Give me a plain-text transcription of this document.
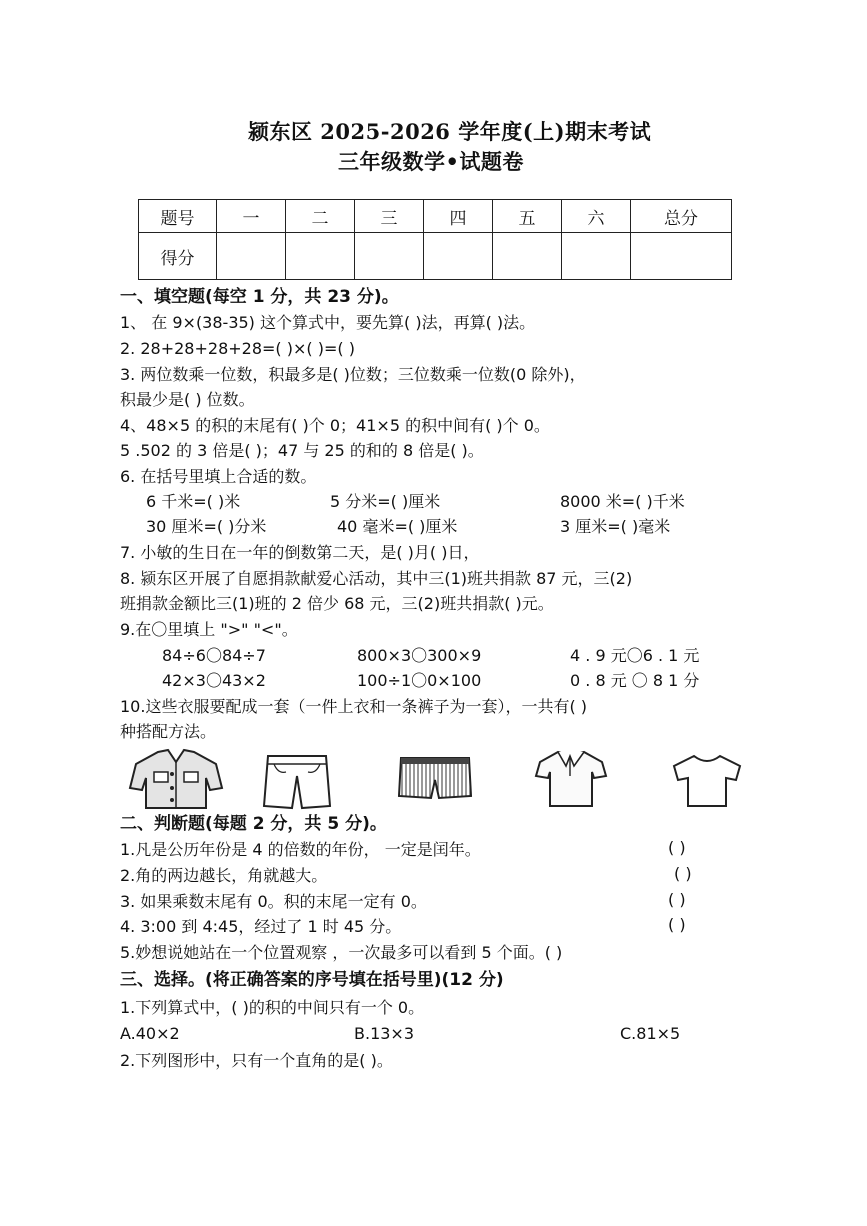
颍东区 2025-2026 学年度(上)期末考试
三年级数学•试题卷
题号	一	二	三	四	五	六	总分
得分							
一、填空题(每空 1 分，共 23 分)。
1、 在 9×(38-35) 这个算式中，要先算( )法，再算( )法。
2. 28+28+28+28=( )×( )=( )
3. 两位数乘一位数，积最多是( )位数；三位数乘一位数(0 除外)，
积最少是( ) 位数。
4、48×5 的积的末尾有( )个 0；41×5 的积中间有( )个 0。
5 .502 的 3 倍是( )；47 与 25 的和的 8 倍是( )。
6. 在括号里填上合适的数。
6 千米=( )米	5 分米=( )厘米	8000 米=( )千米
30 厘米=( )分米	40 毫米=( )厘米	3 厘米=( )毫米
7. 小敏的生日在一年的倒数第二天，是( )月( )日，
8. 颍东区开展了自愿捐款献爱心活动，其中三(1)班共捐款 87 元，三(2)
班捐款金额比三(1)班的 2 倍少 68 元，三(2)班共捐款( )元。
9.在〇里填上 ">" "<"。
84÷6〇84÷7	800×3〇300×9	4 . 9 元〇6 . 1 元
42×3〇43×2	100÷1〇0×100	0 . 8 元 〇 8 1 分
10.这些衣服要配成一套（一件上衣和一条裤子为一套），一共有( )
种搭配方法。
二、判断题(每题 2 分，共 5 分)。
1.凡是公历年份是 4 的倍数的年份， 一定是闰年。	( )
2.角的两边越长，角就越大。	( )
3. 如果乘数末尾有 0。积的末尾一定有 0。	( )
4. 3:00 到 4:45，经过了 1 时 45 分。	( )
5.妙想说她站在一个位置观察 ，一次最多可以看到 5 个面。( )
三、选择。(将正确答案的序号填在括号里)(12 分)
1.下列算式中，( )的积的中间只有一个 0。
A.40×2	B.13×3	C.81×5
2.下列图形中，只有一个直角的是( )。
